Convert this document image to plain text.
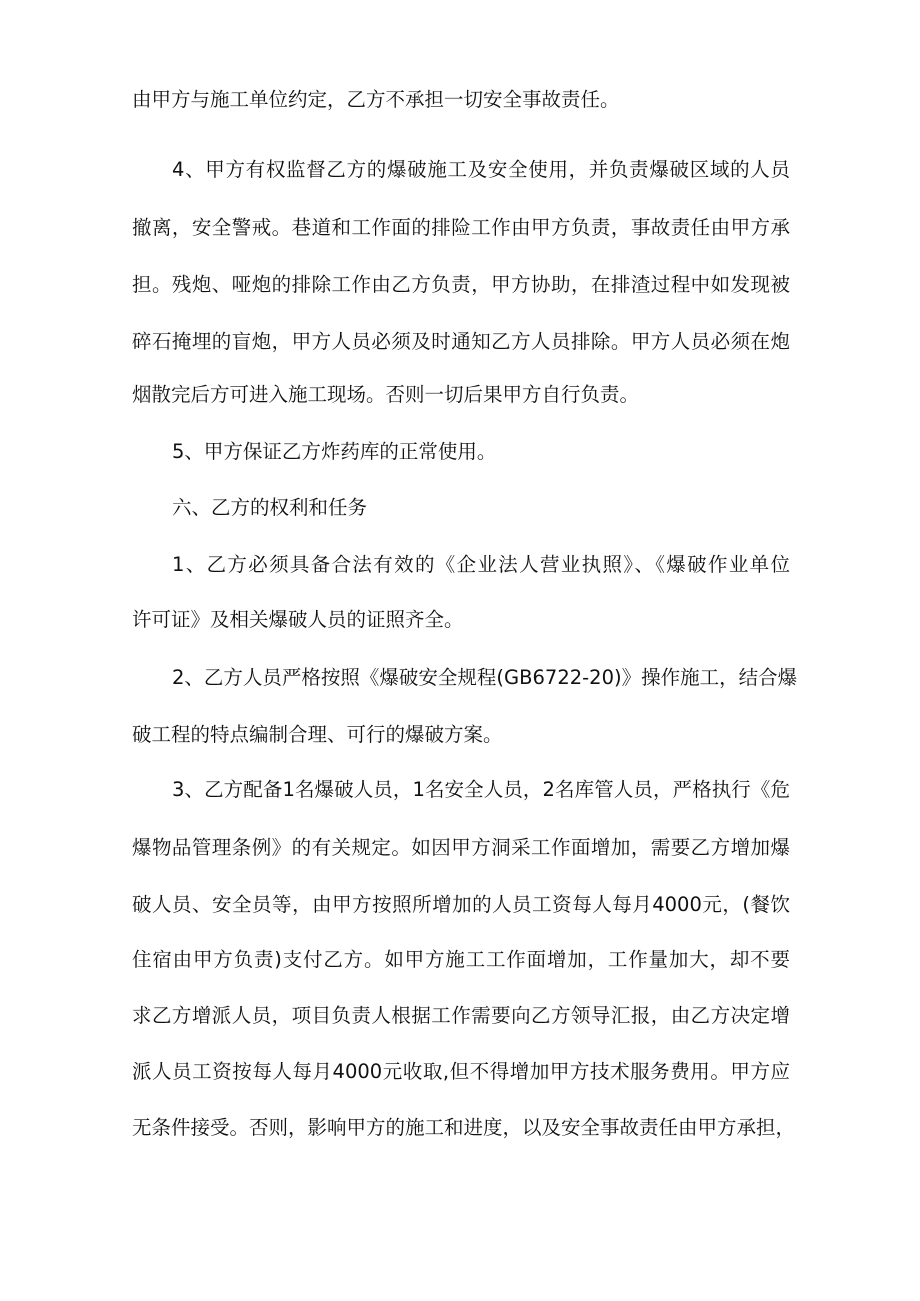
由甲方与施工单位约定，乙方不承担一切安全事故责任。
4、甲方有权监督乙方的爆破施工及安全使用，并负责爆破区域的人员
撤离，安全警戒。巷道和工作面的排险工作由甲方负责，事故责任由甲方承
担。残炮、哑炮的排除工作由乙方负责，甲方协助，在排渣过程中如发现被
碎石掩埋的盲炮，甲方人员必须及时通知乙方人员排除。甲方人员必须在炮
烟散完后方可进入施工现场。否则一切后果甲方自行负责。
5、甲方保证乙方炸药库的正常使用。
六、乙方的权利和任务
1、乙方必须具备合法有效的《企业法人营业执照》、《爆破作业单位
许可证》及相关爆破人员的证照齐全。
2、乙方人员严格按照《爆破安全规程(GB6722-20)》操作施工，结合爆
破工程的特点编制合理、可行的爆破方案。
3、乙方配备1名爆破人员，1名安全人员，2名库管人员，严格执行《危
爆物品管理条例》的有关规定。如因甲方洞采工作面增加，需要乙方增加爆
破人员、安全员等，由甲方按照所增加的人员工资每人每月4000元，(餐饮
住宿由甲方负责)支付乙方。如甲方施工工作面增加，工作量加大，却不要
求乙方增派人员，项目负责人根据工作需要向乙方领导汇报，由乙方决定增
派人员工资按每人每月4000元收取,但不得增加甲方技术服务费用。甲方应
无条件接受。否则，影响甲方的施工和进度，以及安全事故责任由甲方承担，
